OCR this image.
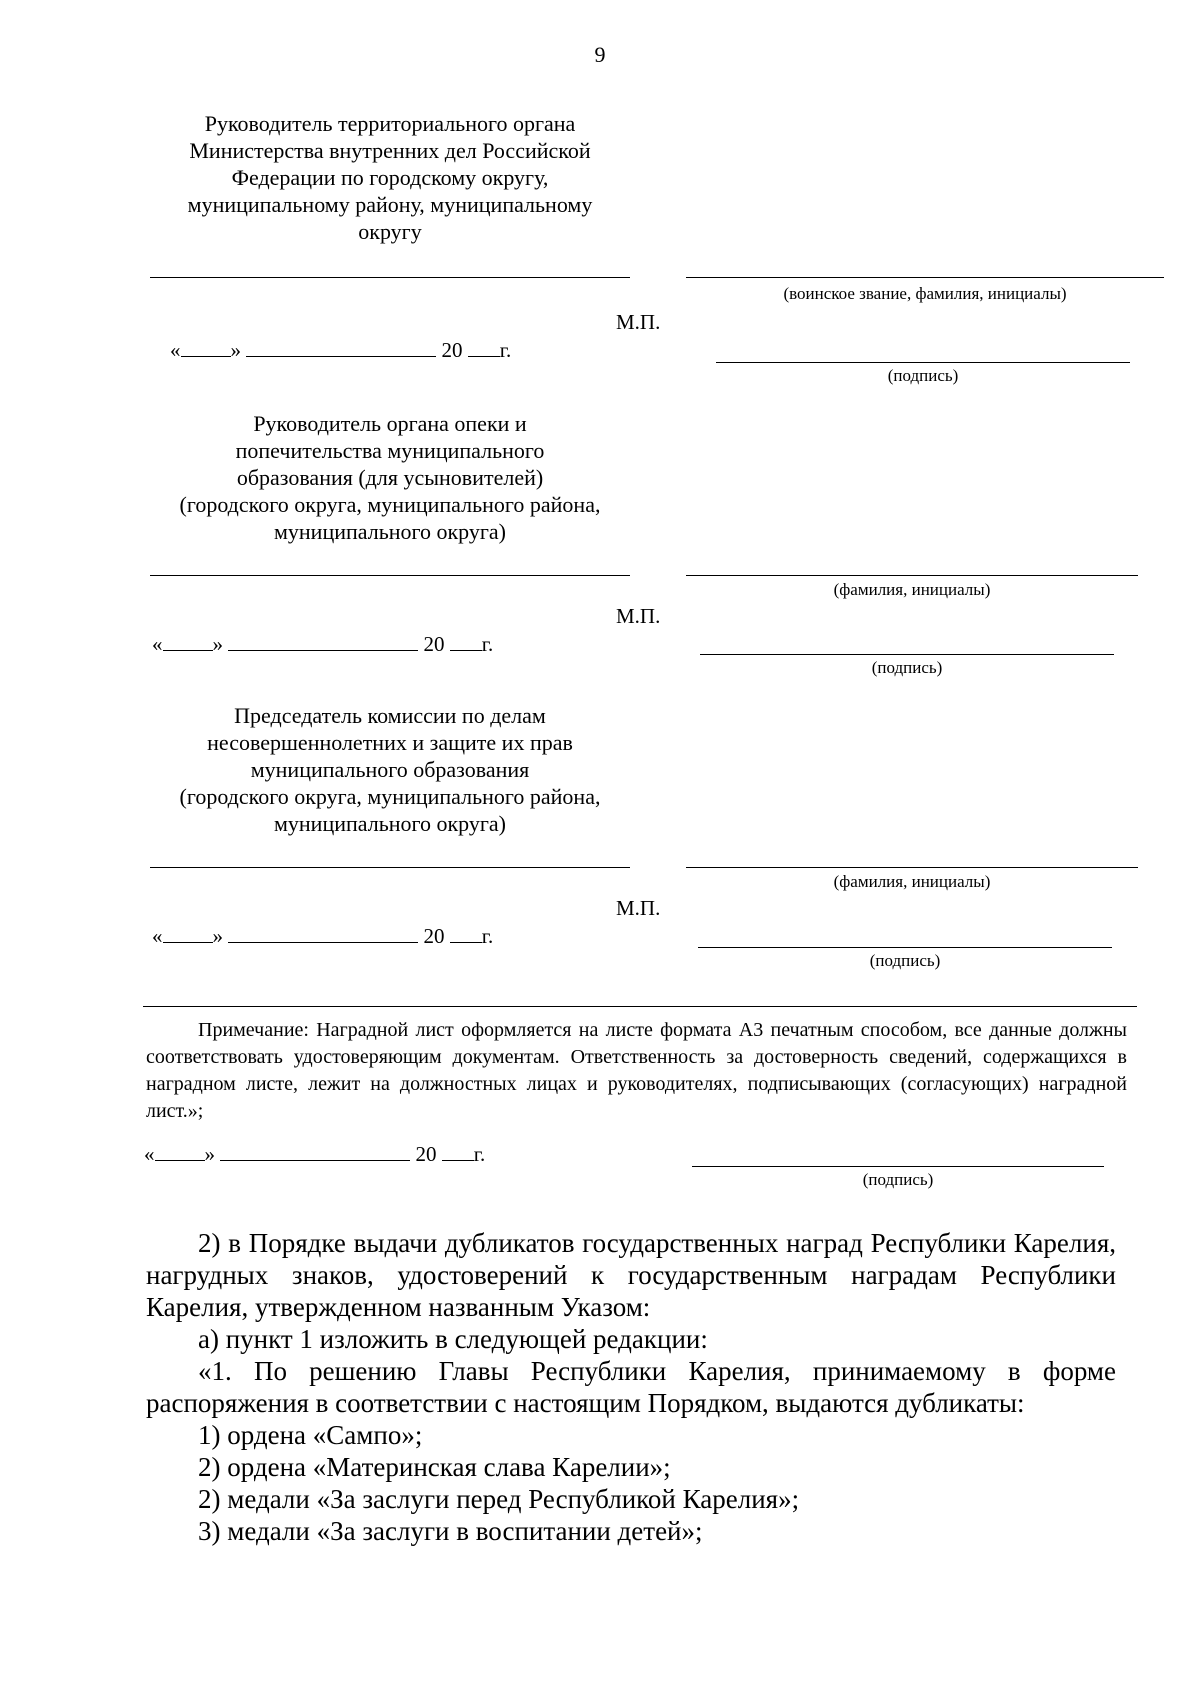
9
Руководитель территориального органа
Министерства внутренних дел Российской
Федерации по городскому округу,
муниципальному району, муниципальному
округу
(воинское звание, фамилия, инициалы)
М.П.
« »	20 г.
(подпись)
Руководитель органа опеки и
попечительства муниципального
образования (для усыновителей)
(городского округа, муниципального района,
муниципального округа)
(фамилия, инициалы)
М.П.
« »	20 г.
(подпись)
Председатель комиссии по делам
несовершеннолетних и защите их прав
муниципального образования
(городского округа, муниципального района,
муниципального округа)
(фамилия, инициалы)
М.П.
« »	20 г.
(подпись)

Примечание: Наградной лист оформляется на листе формата А3 печатным способом, все данные должны соответствовать удостоверяющим документам. Ответственность за достоверность сведений, содержащихся в наградном листе, лежит на должностных лицах и руководителях, подписывающих (согласующих) наградной лист.»;

« »	20 г.
(подпись)

2) в Порядке выдачи дубликатов государственных наград Республики Карелия, нагрудных знаков, удостоверений к государственным наградам Республики Карелия, утвержденном названным Указом:

а) пункт 1 изложить в следующей редакции:

«1. По решению Главы Республики Карелия, принимаемому в форме распоряжения в соответствии с настоящим Порядком, выдаются дубликаты:

1) ордена «Сампо»;

2) ордена «Материнская слава Карелии»;

2) медали «За заслуги перед Республикой Карелия»;

3) медали «За заслуги в воспитании детей»;
